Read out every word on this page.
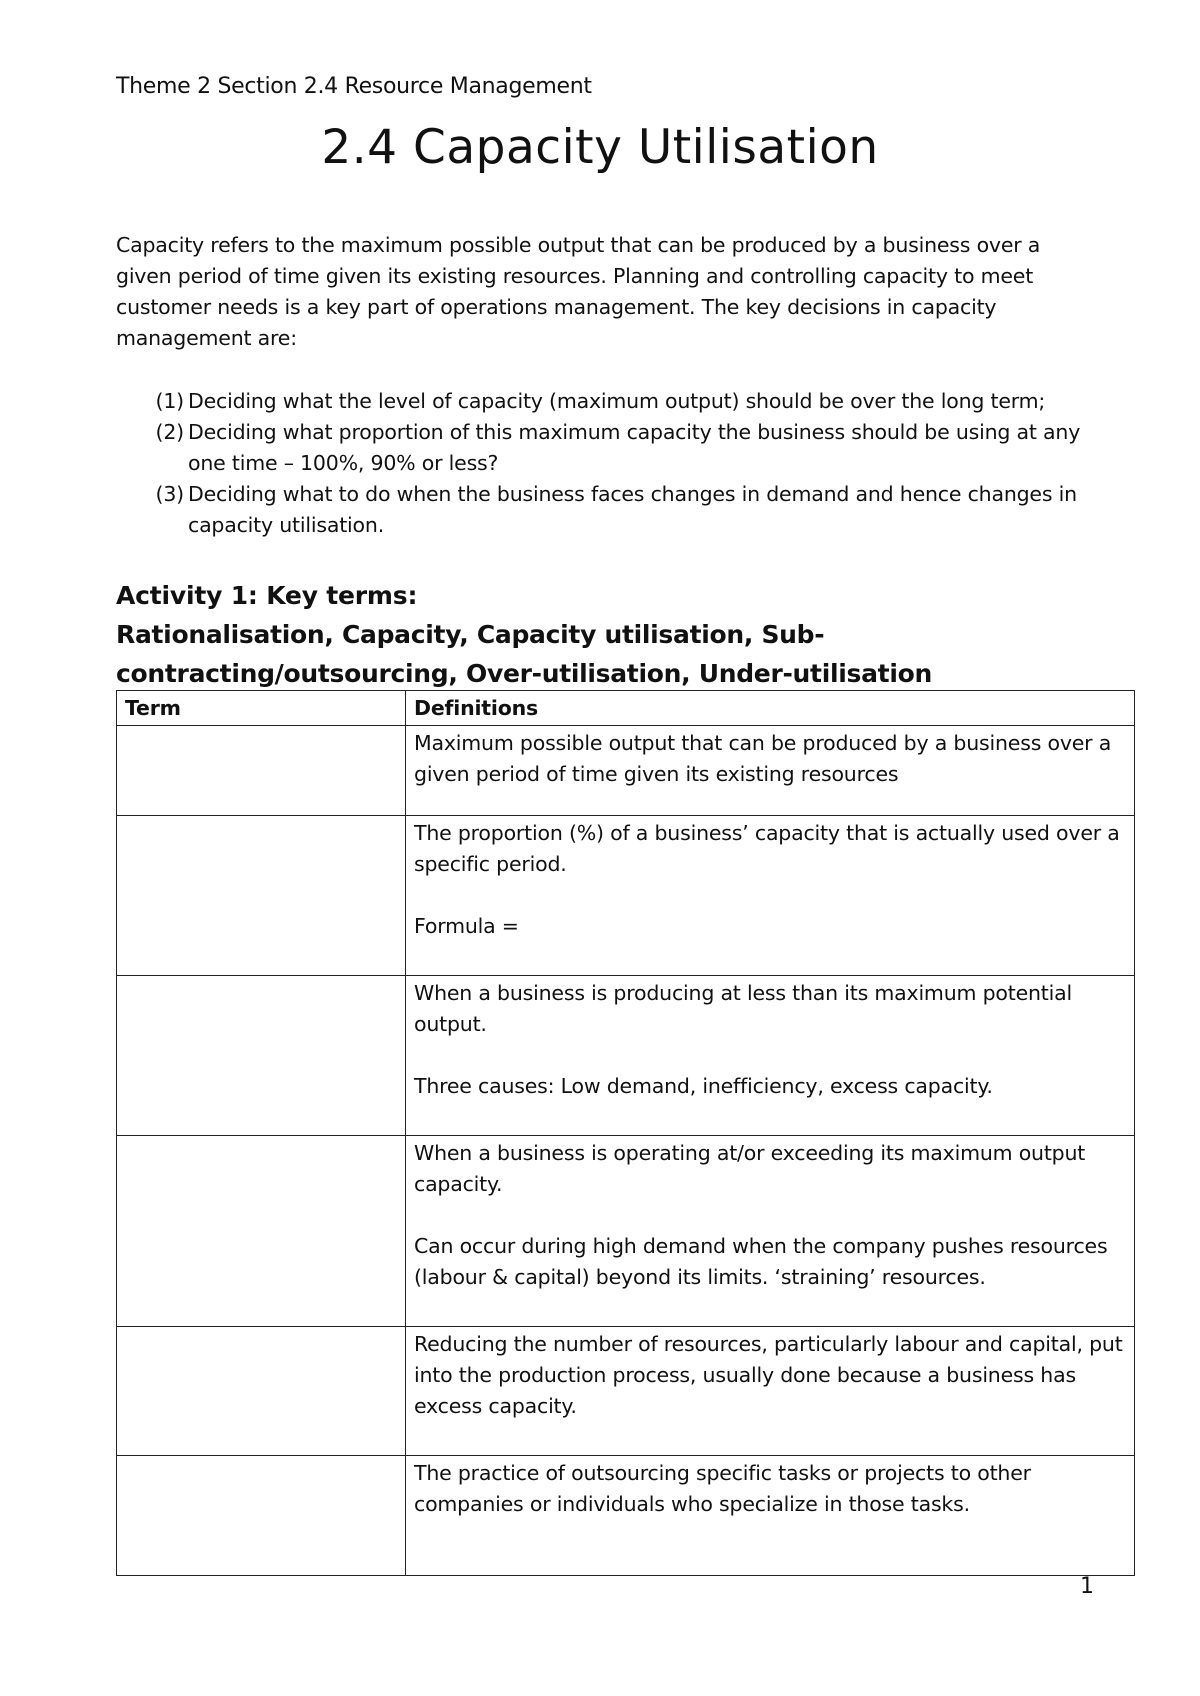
Theme 2 Section 2.4 Resource Management
2.4 Capacity Utilisation

Capacity refers to the maximum possible output that can be produced by a business over a given period of time given its existing resources. Planning and controlling capacity to meet customer needs is a key part of operations management. The key decisions in capacity management are:

(1) Deciding what the level of capacity (maximum output) should be over the long term;
(2) Deciding what proportion of this maximum capacity the business should be using at any one time – 100%, 90% or less?
(3) Deciding what to do when the business faces changes in demand and hence changes in capacity utilisation.
Activity 1: Key terms:

Rationalisation, Capacity, Capacity utilisation, Sub-contracting/outsourcing, Over-utilisation, Under-utilisation

Term	Definitions

	Maximum possible output that can be produced by a business over a given period of time given its existing resources

	The proportion (%) of a business’ capacity that is actually used over a specific period.

Formula =

	When a business is producing at less than its maximum potential output.

Three causes: Low demand, inefficiency, excess capacity.

	When a business is operating at/or exceeding its maximum output capacity.

Can occur during high demand when the company pushes resources (labour & capital) beyond its limits. ‘straining’ resources.

	Reducing the number of resources, particularly labour and capital, put into the production process, usually done because a business has excess capacity.

	The practice of outsourcing specific tasks or projects to other companies or individuals who specialize in those tasks.

1
